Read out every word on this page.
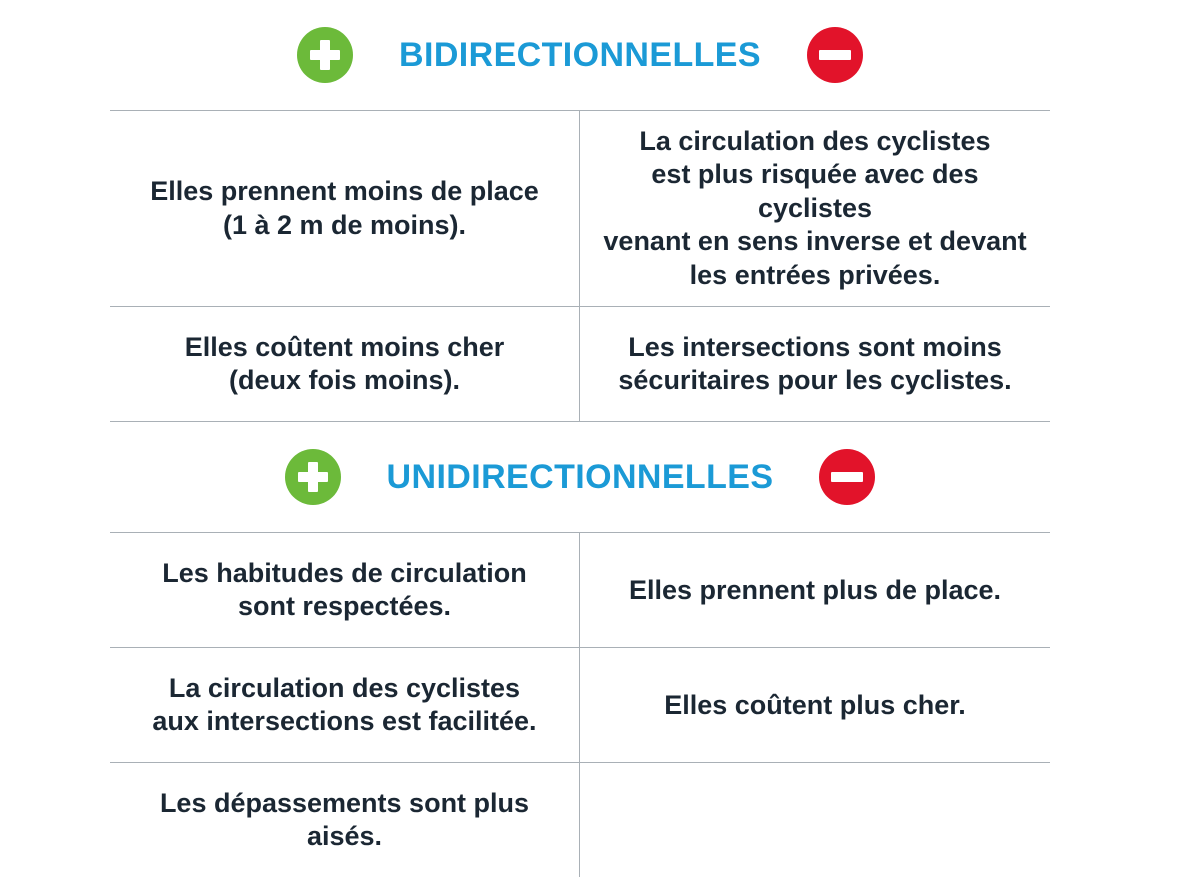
BIDIRECTIONNELLES
Elles prennent moins de place
(1 à 2 m de moins).
La circulation des cyclistes
est plus risquée avec des cyclistes
venant en sens inverse et devant
les entrées privées.
Elles coûtent moins cher
(deux fois moins).
Les intersections sont moins
sécuritaires pour les cyclistes.
UNIDIRECTIONNELLES
Les habitudes de circulation
sont respectées.
Elles prennent plus de place.
La circulation des cyclistes
aux intersections est facilitée.
Elles coûtent plus cher.
Les dépassements sont plus aisés.
